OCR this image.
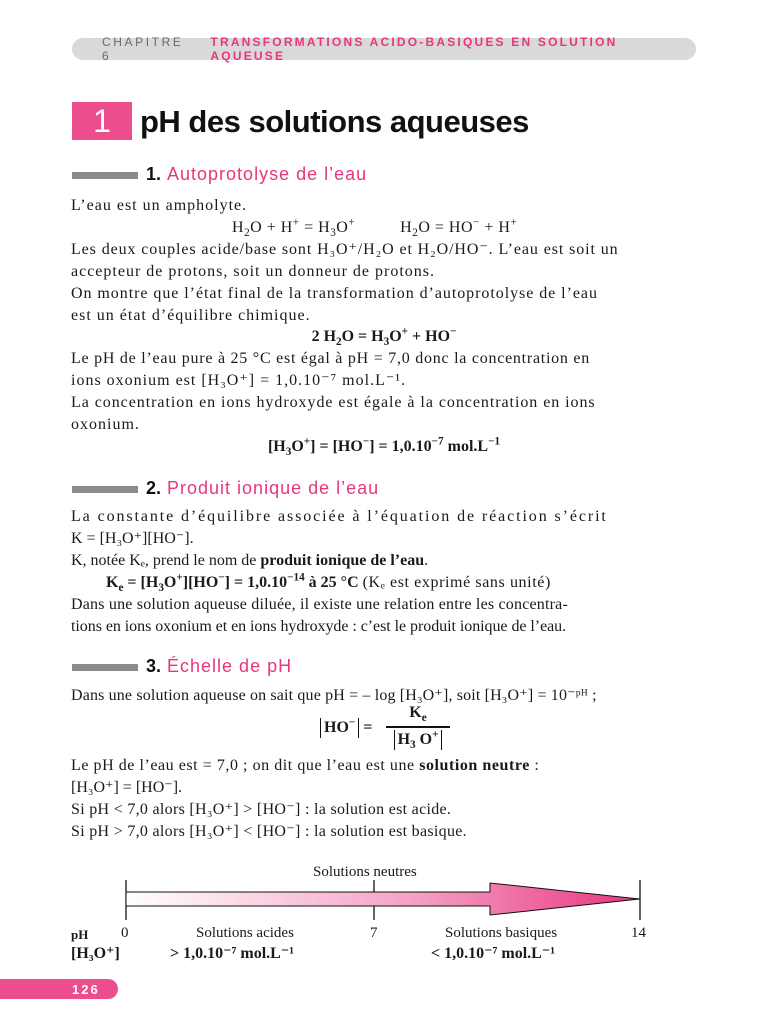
CHAPITRE 6
TRANSFORMATIONS ACIDO-BASIQUES EN SOLUTION AQUEUSE
1 pH des solutions aqueuses
1. Autoprotolyse de l’eau
L’eau est un ampholyte.
$H_2O + H^+ = H_3O^+$          $H_2O = HO^- + H^+$
Les deux couples acide/base sont H₃O⁺/H₂O et H₂O/HO⁻. L’eau est soit un
accepteur de protons, soit un donneur de protons.
On montre que l’état final de la transformation d’autoprotolyse de l’eau
est un état d’équilibre chimique.
2 $H_2O = H_3O^+ + HO^-$
Le pH de l’eau pure à 25 °C est égal à pH = 7,0 donc la concentration en
ions oxonium est [H₃O⁺] = 1,0.10⁻⁷ mol.L⁻¹.
La concentration en ions hydroxyde est égale à la concentration en ions
oxonium.
$[H_3O^+] = [HO^-] = 1,0.10^{-7}$ $mol.L^{-1}$
2. Produit ionique de l’eau
La constante d’équilibre associée à l’équation de réaction s’écrit
K = [H₃O⁺][HO⁻].
K, notée Kₑ, prend le nom de produit ionique de l’eau.
$K_e = [H_3O^+][HO^-] = 1,0.10^{-14}$ à 25 °C (Kₑ est exprimé sans unité)
Dans une solution aqueuse diluée, il existe une relation entre les concentra-
tions en ions oxonium et en ions hydroxyde : c’est le produit ionique de l’eau.
3. Échelle de pH
Dans une solution aqueuse on sait que pH = – log [H₃O⁺], soit [H₃O⁺] = 10⁻ᵖᴴ ;
HO− =
$K_e$
$H_3$ O+
Le pH de l’eau est = 7,0 ; on dit que l’eau est une solution neutre :
[H₃O⁺] = [HO⁻].
Si pH < 7,0 alors [H₃O⁺] > [HO⁻] : la solution est acide.
Si pH > 7,0 alors [H₃O⁺] < [HO⁻] : la solution est basique.
Solutions neutres
pH 0	Solutions acides	7	Solutions basiques	14
[H₃O⁺]	> 1,0.10⁻⁷ mol.L⁻¹	< 1,0.10⁻⁷ mol.L⁻¹
126
